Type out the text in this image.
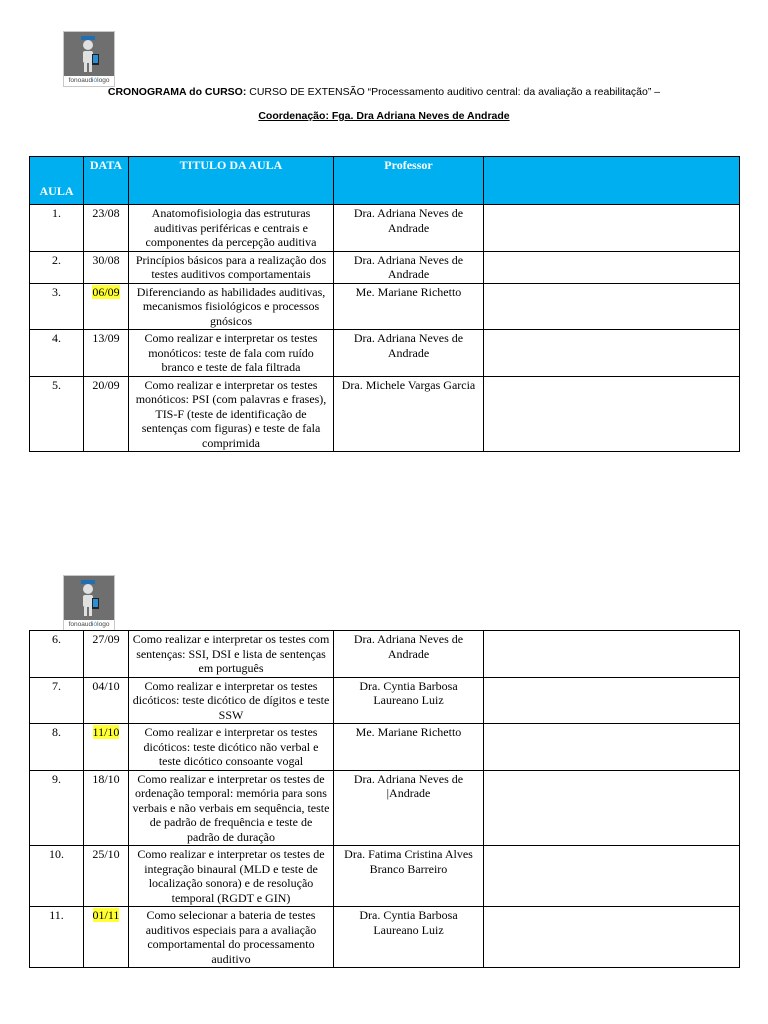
fonoaudiólogo
CRONOGRAMA do CURSO: CURSO DE EXTENSÃO “Processamento auditivo central: da avaliação a reabilitação” –
Coordenação: Fga. Dra Adriana Neves de Andrade
AULA	DATA	TITULO DA AULA	Professor	
1.	23/08	Anatomofisiologia das estruturas auditivas periféricas e centrais e componentes da percepção auditiva	Dra. Adriana Neves de Andrade	
2.	30/08	Princípios básicos para a realização dos testes auditivos comportamentais	Dra. Adriana Neves de Andrade	
3.	06/09	Diferenciando as habilidades auditivas, mecanismos fisiológicos e processos gnósicos	Me. Mariane Richetto	
4.	13/09	Como realizar e interpretar os testes monóticos: teste de fala com ruído branco e teste de fala filtrada	Dra. Adriana Neves de Andrade	
5.	20/09	Como realizar e interpretar os testes monóticos: PSI (com palavras e frases), TIS-F (teste de identificação de sentenças com figuras) e teste de fala comprimida	Dra. Michele Vargas Garcia	
fonoaudiólogo
6.	27/09	Como realizar e interpretar os testes com sentenças: SSI, DSI e lista de sentenças em português	Dra. Adriana Neves de Andrade	
7.	04/10	Como realizar e interpretar os testes dicóticos: teste dicótico de dígitos e teste SSW	Dra. Cyntia Barbosa Laureano Luiz	
8.	11/10	Como realizar e interpretar os testes dicóticos: teste dicótico não verbal e teste dicótico consoante vogal	Me. Mariane Richetto	
9.	18/10	Como realizar e interpretar os testes de ordenação temporal: memória para sons verbais e não verbais em sequência, teste de padrão de frequência e teste de padrão de duração	Dra. Adriana Neves de |Andrade	
10.	25/10	Como realizar e interpretar os testes de integração binaural (MLD e teste de localização sonora) e de resolução temporal (RGDT e GIN)	Dra. Fatima Cristina Alves Branco Barreiro	
11.	01/11	Como selecionar a bateria de testes auditivos especiais para a avaliação comportamental do processamento auditivo	Dra. Cyntia Barbosa Laureano Luiz	
